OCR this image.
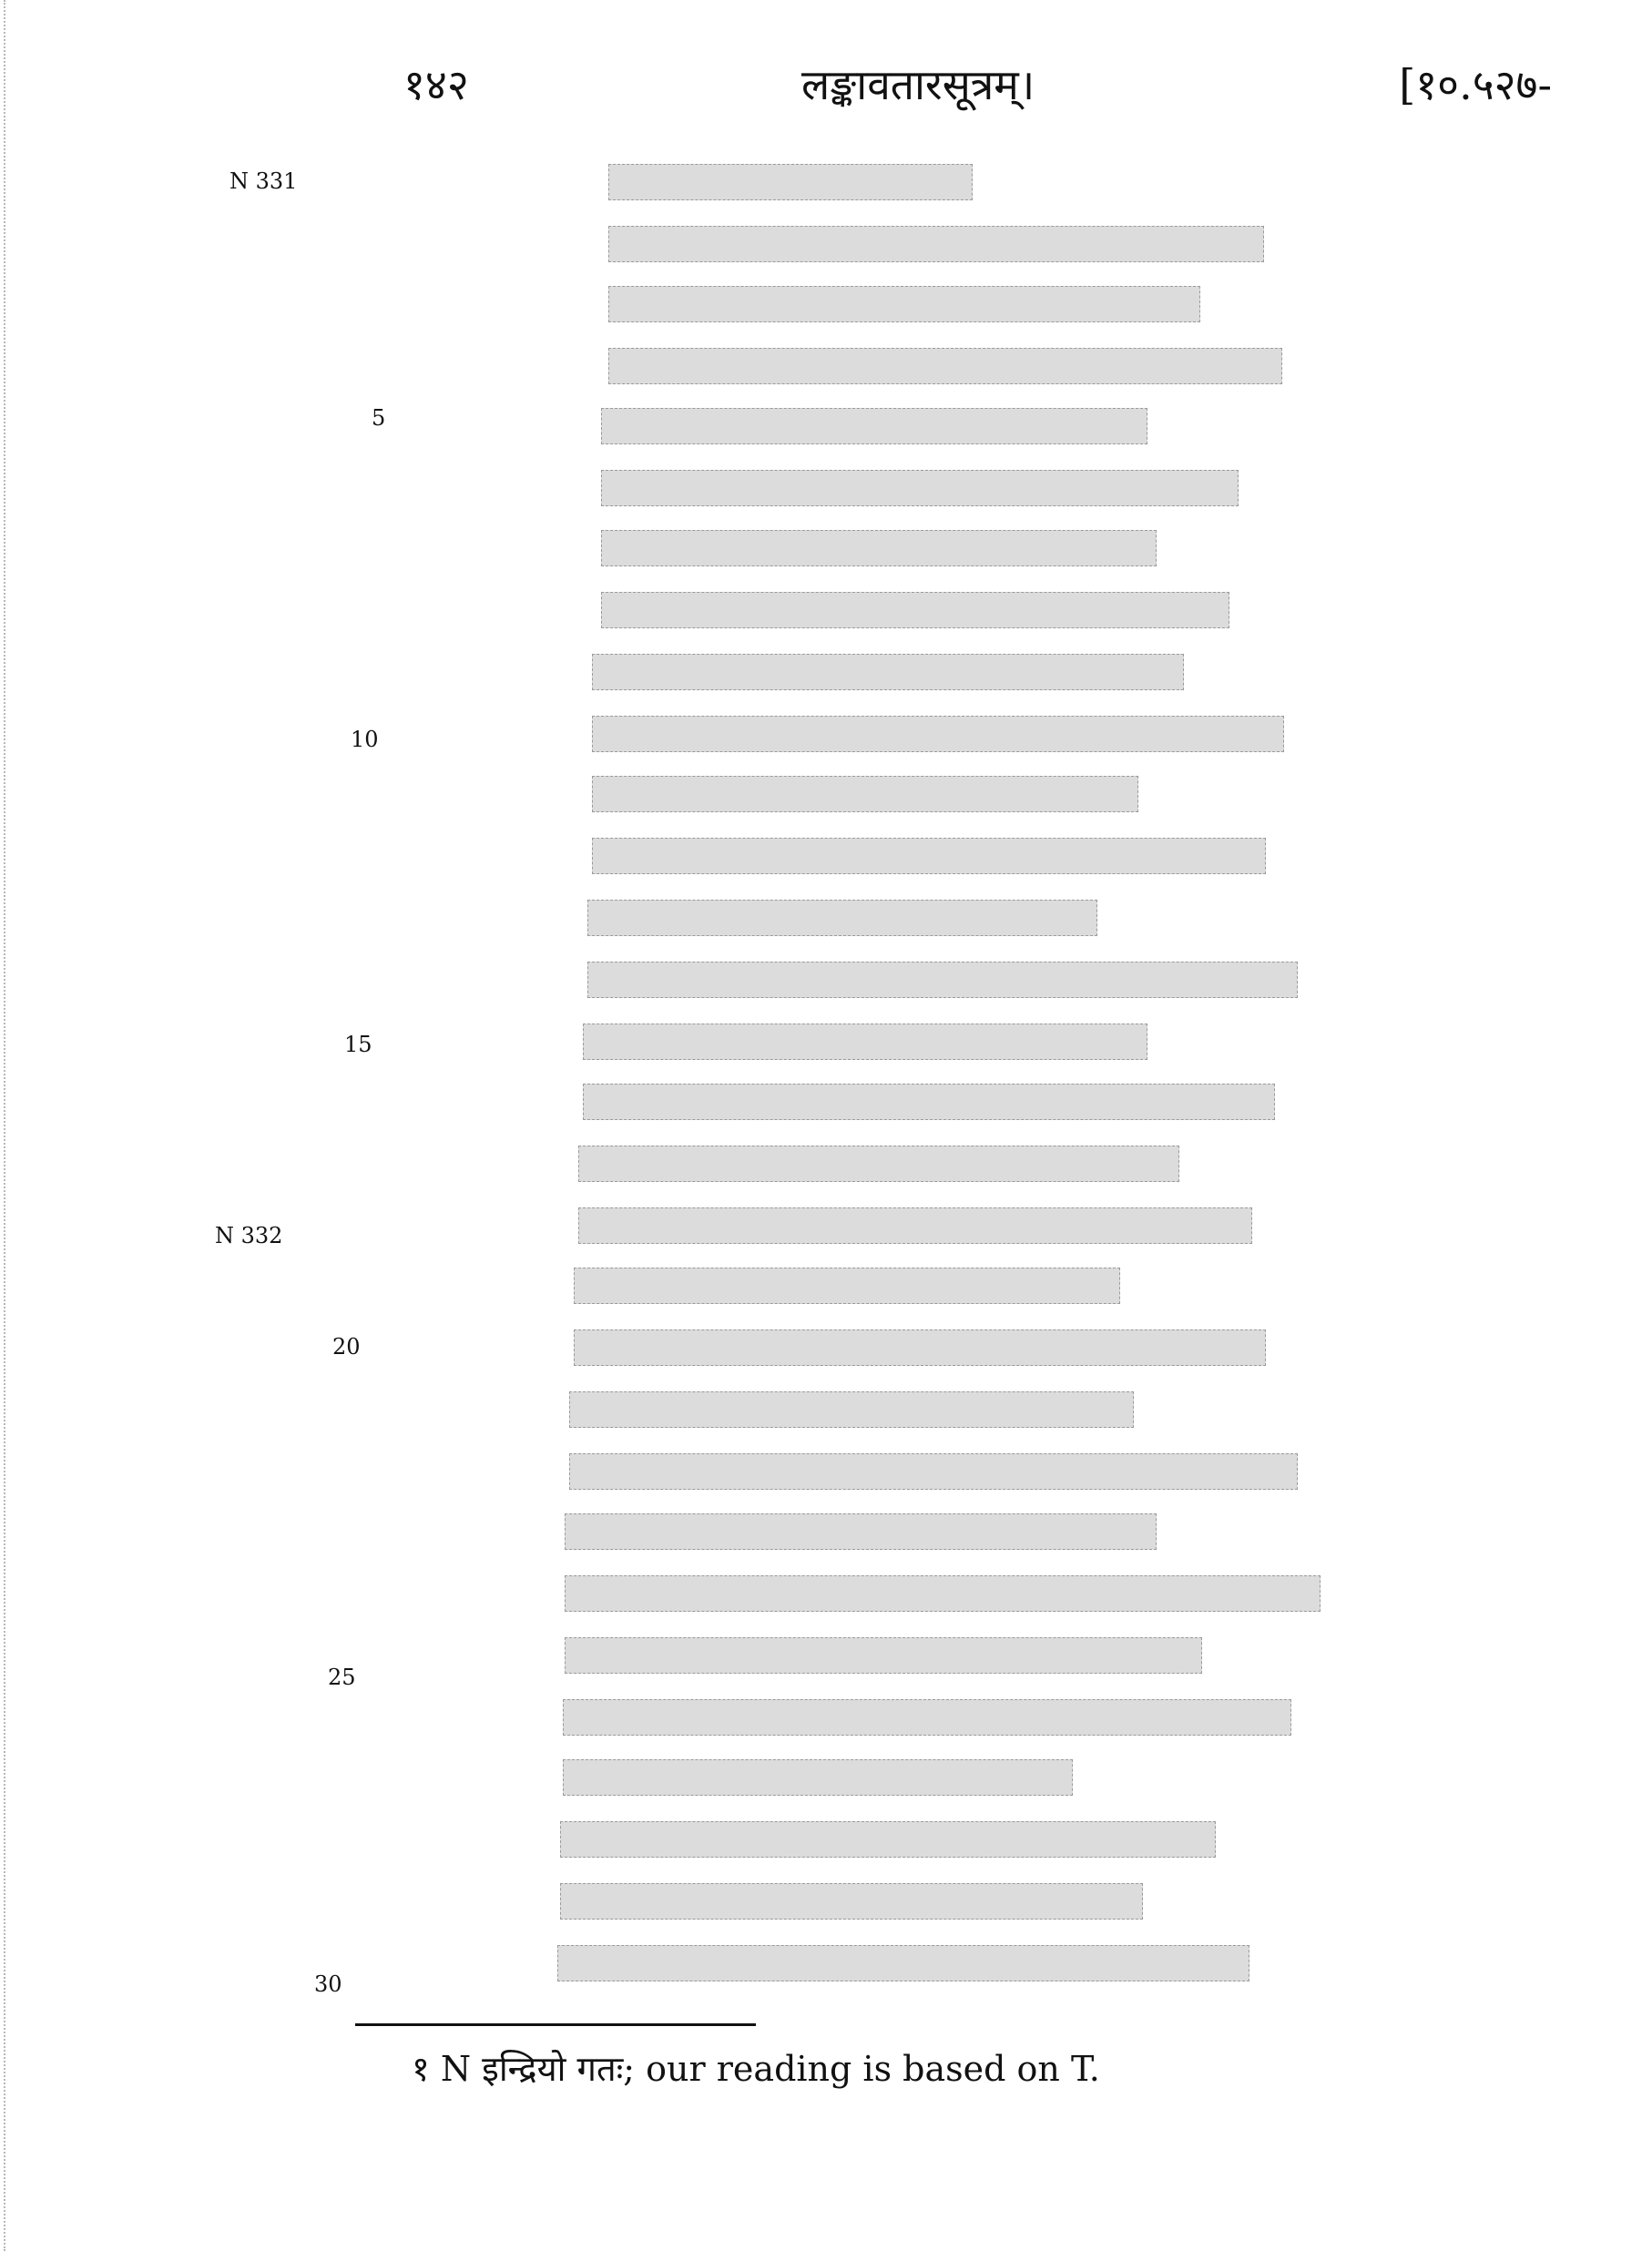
१४२	लङ्कावतारसूत्रम्।	[१०.५२७-
N 331
5
10
15
N 332
20
25
30
१ N इन्द्रियो गतः; our reading is based on T.
